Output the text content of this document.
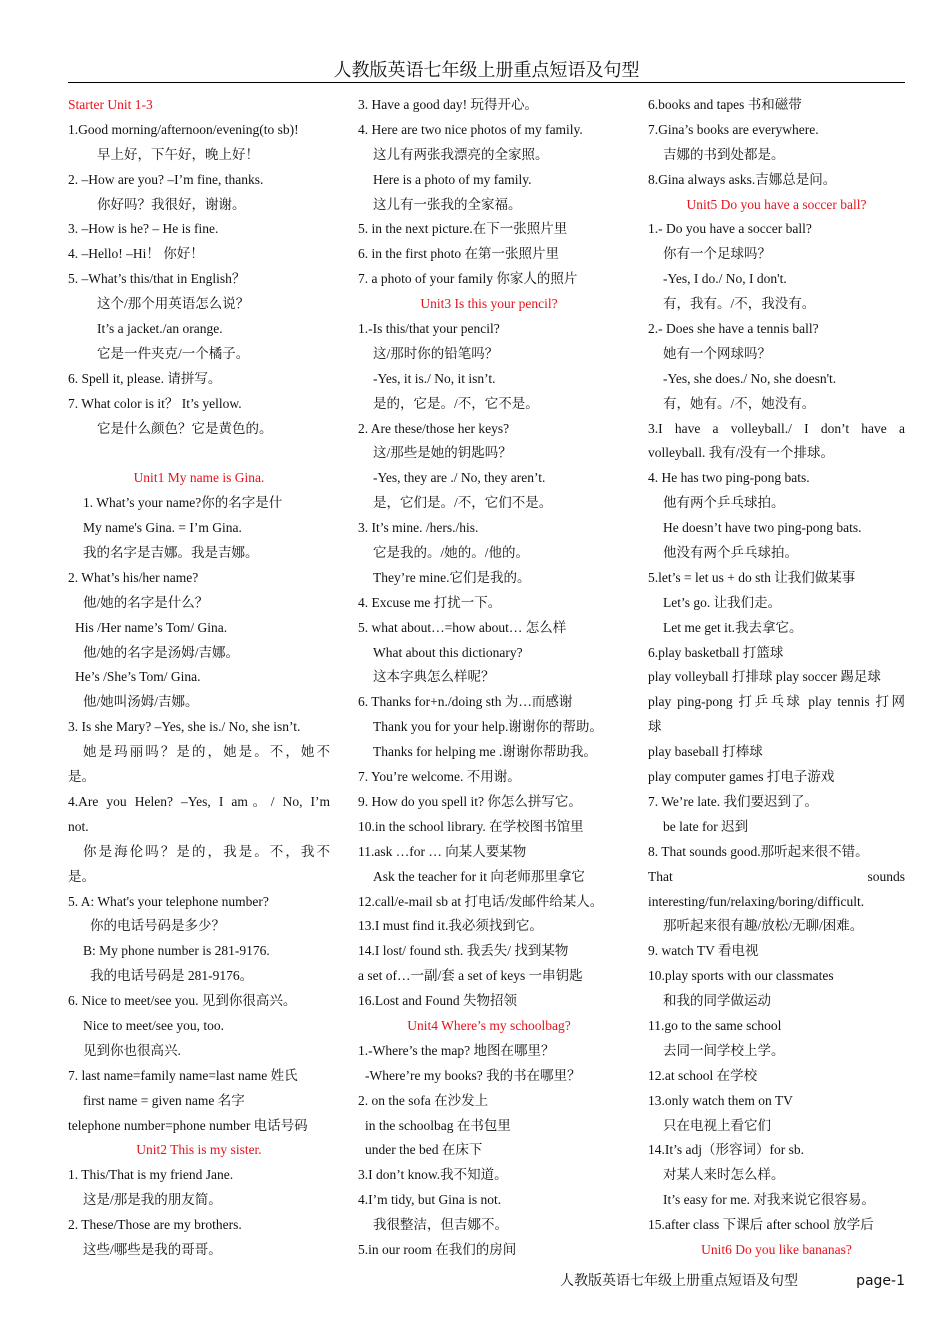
人教版英语七年级上册重点短语及句型
Starter Unit 1-3
1.Good morning/afternoon/evening(to sb)!
早上好，下午好，晚上好！
2. –How are you? –I’m fine, thanks.
你好吗？我很好，谢谢。
3. –How is he? – He is fine.
4. –Hello! –Hi！ 你好！
5. –What’s this/that in English？
这个/那个用英语怎么说？
It’s a jacket./an orange.
它是一件夹克/一个橘子。
6. Spell it, please. 请拼写。
7. What color is it？ It’s yellow.
它是什么颜色？它是黄色的。
Unit1 My name is Gina.
1. What’s your name?你的名字是什
My name's Gina. = I’m Gina.
我的名字是吉娜。我是吉娜。
2. What’s his/her name?
他/她的名字是什么？
His /Her name’s Tom/ Gina.
他/她的名字是汤姆/吉娜。
He’s /She’s Tom/ Gina.
他/她叫汤姆/吉娜。
3. Is she Mary? –Yes, she is./ No, she isn’t.
她是玛丽吗？是的，她是。不，她不
是。
4.Are you Helen? –Yes, I am。/ No, I’m
not.
你是海伦吗？是的，我是。不，我不
是。
5. A: What's your telephone number?
你的电话号码是多少？
B: My phone number is 281-9176.
我的电话号码是 281-9176。
6. Nice to meet/see you. 见到你很高兴。
Nice to meet/see you, too.
见到你也很高兴.
7. last name=family name=last name 姓氏
first name = given name 名字
telephone number=phone number 电话号码
Unit2 This is my sister.
1. This/That is my friend Jane.
这是/那是我的朋友简。
2. These/Those are my brothers.
这些/哪些是我的哥哥。
3. Have a good day! 玩得开心。
4. Here are two nice photos of my family.
这儿有两张我漂亮的全家照。
Here is a photo of my family.
这儿有一张我的全家福。
5. in the next picture.在下一张照片里
6. in the first photo 在第一张照片里
7. a photo of your family 你家人的照片
Unit3 Is this your pencil?
1.-Is this/that your pencil?
这/那时你的铅笔吗？
-Yes, it is./ No, it isn’t.
是的，它是。/不，它不是。
2. Are these/those her keys?
这/那些是她的钥匙吗？
-Yes, they are ./ No, they aren’t.
是，它们是。/不，它们不是。
3. It’s mine. /hers./his.
它是我的。/她的。/他的。
They’re mine.它们是我的。
4. Excuse me 打扰一下。
5. what about…=how about… 怎么样
What about this dictionary?
这本字典怎么样呢？
6. Thanks for+n./doing sth 为…而感谢
Thank you for your help.谢谢你的帮助。
Thanks for helping me .谢谢你帮助我。
7. You’re welcome. 不用谢。
9. How do you spell it? 你怎么拼写它。
10.in the school library. 在学校图书馆里
11.ask …for … 向某人要某物
Ask the teacher for it 向老师那里拿它
12.call/e-mail sb at 打电话/发邮件给某人。
13.I must find it.我必须找到它。
14.I lost/ found sth. 我丢失/ 找到某物
a set of…一副/套 a set of keys 一串钥匙
16.Lost and Found 失物招领
Unit4 Where’s my schoolbag?
1.-Where’s the map? 地图在哪里？
-Where’re my books? 我的书在哪里？
2. on the sofa 在沙发上
in the schoolbag 在书包里
under the bed 在床下
3.I don’t know.我不知道。
4.I’m tidy, but Gina is not.
我很整洁，但吉娜不。
5.in our room 在我们的房间
6.books and tapes 书和磁带
7.Gina’s books are everywhere.
吉娜的书到处都是。
8.Gina always asks.吉娜总是问。
Unit5 Do you have a soccer ball?
1.- Do you have a soccer ball?
你有一个足球吗？
-Yes, I do./ No, I don't.
有，我有。/不，我没有。
2.- Does she have a tennis ball?
她有一个网球吗？
-Yes, she does./ No, she doesn't.
有，她有。/不，她没有。
3.I have a volleyball./ I don’t have a
volleyball. 我有/没有一个排球。
4. He has two ping-pong bats.
他有两个乒乓球拍。
He doesn’t have two ping-pong bats.
他没有两个乒乓球拍。
5.let’s = let us + do sth 让我们做某事
Let’s go. 让我们走。
Let me get it.我去拿它。
6.play basketball 打篮球
play volleyball 打排球 play soccer 踢足球
play ping-pong 打乒乓球 play tennis 打网
球
play baseball 打棒球
play computer games 打电子游戏
7. We’re late. 我们要迟到了。
be late for 迟到
8. That sounds good.那听起来很不错。
That sounds
interesting/fun/relaxing/boring/difficult.
那听起来很有趣/放松/无聊/困难。
9. watch TV 看电视
10.play sports with our classmates
和我的同学做运动
11.go to the same school
去同一间学校上学。
12.at school 在学校
13.only watch them on TV
只在电视上看它们
14.It’s adj（形容词）for sb.
对某人来时怎么样。
It’s easy for me. 对我来说它很容易。
15.after class 下课后 after school 放学后
Unit6 Do you like bananas?
人教版英语七年级上册重点短语及句型	page-1
